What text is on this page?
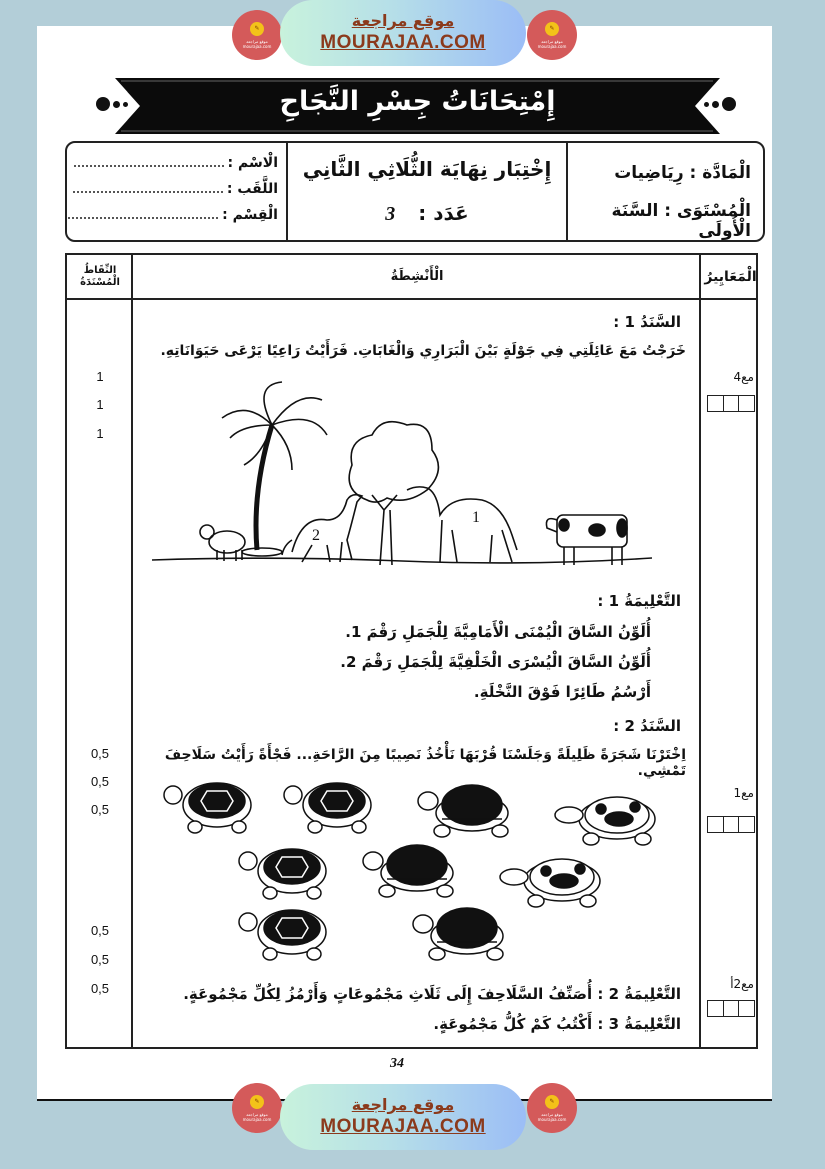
✎
موقع مراجعة mourajaa.com
موقع مراجعة
MOURAJAA.COM
✎
موقع مراجعة mourajaa.com
إِمْتِحَانَاتُ جِسْرِ النَّجَاحِ
الْاسْم :
اللَّقَب :
الْقِسْم :
إِخْتِبَار نِهَايَة الثُّلَاثِي الثَّانِي
عَدَد : 3
الْمَادَّة : رِيَاضِيات
الْمُسْتَوَى : السَّنَة الْأُولَى
النِّقَاطُ
الْمُسْنَدَةُ	الْأَنْشِطَةُ	الْمَعَايِيرُ
السَّنَدُ 1 :
خَرَجْتُ مَعَ عَائِلَتِي فِي جَوْلَةٍ بَيْنَ الْبَرَارِي وَالْغَابَاتِ. فَرَأَيْتُ رَاعِيًا يَرْعَى حَيَوَانَاتِهِ.
2
1
التَّعْلِيمَةُ 1 :
أُلَوِّنُ السَّاقَ الْيُمْنَى الْأَمَامِيَّةَ لِلْجَمَلِ رَقْمَ 1.
أُلَوِّنُ السَّاقَ الْيُسْرَى الْخَلْفِيَّةَ لِلْجَمَلِ رَقْمَ 2.
أَرْسُمُ طَائِرًا فَوْقَ النَّخْلَةِ.
السَّنَدُ 2 :
اِخْتَرْنَا شَجَرَةً ظَلِيلَةً وَجَلَسْنَا قُرْبَهَا نَأْخُذُ نَصِيبًا مِنَ الرَّاحَةِ... فَجْأَةً رَأَيْتُ سَلَاحِفَ تَمْشِي.
التَّعْلِيمَةُ 2 : أُصَنِّفُ السَّلَاحِفَ إِلَى ثَلَاثِ مَجْمُوعَاتٍ وَأَرْمُزُ لِكُلِّ مَجْمُوعَةٍ.
التَّعْلِيمَةُ 3 : أَكْتُبُ كَمْ كُلُّ مَجْمُوعَةٍ.
1
1
1
0,5
0,5
0,5
0,5
0,5
0,5
مع4
مع1
مع2أ
34
✎
موقع مراجعة mourajaa.com
موقع مراجعة
MOURAJAA.COM
✎
موقع مراجعة mourajaa.com
